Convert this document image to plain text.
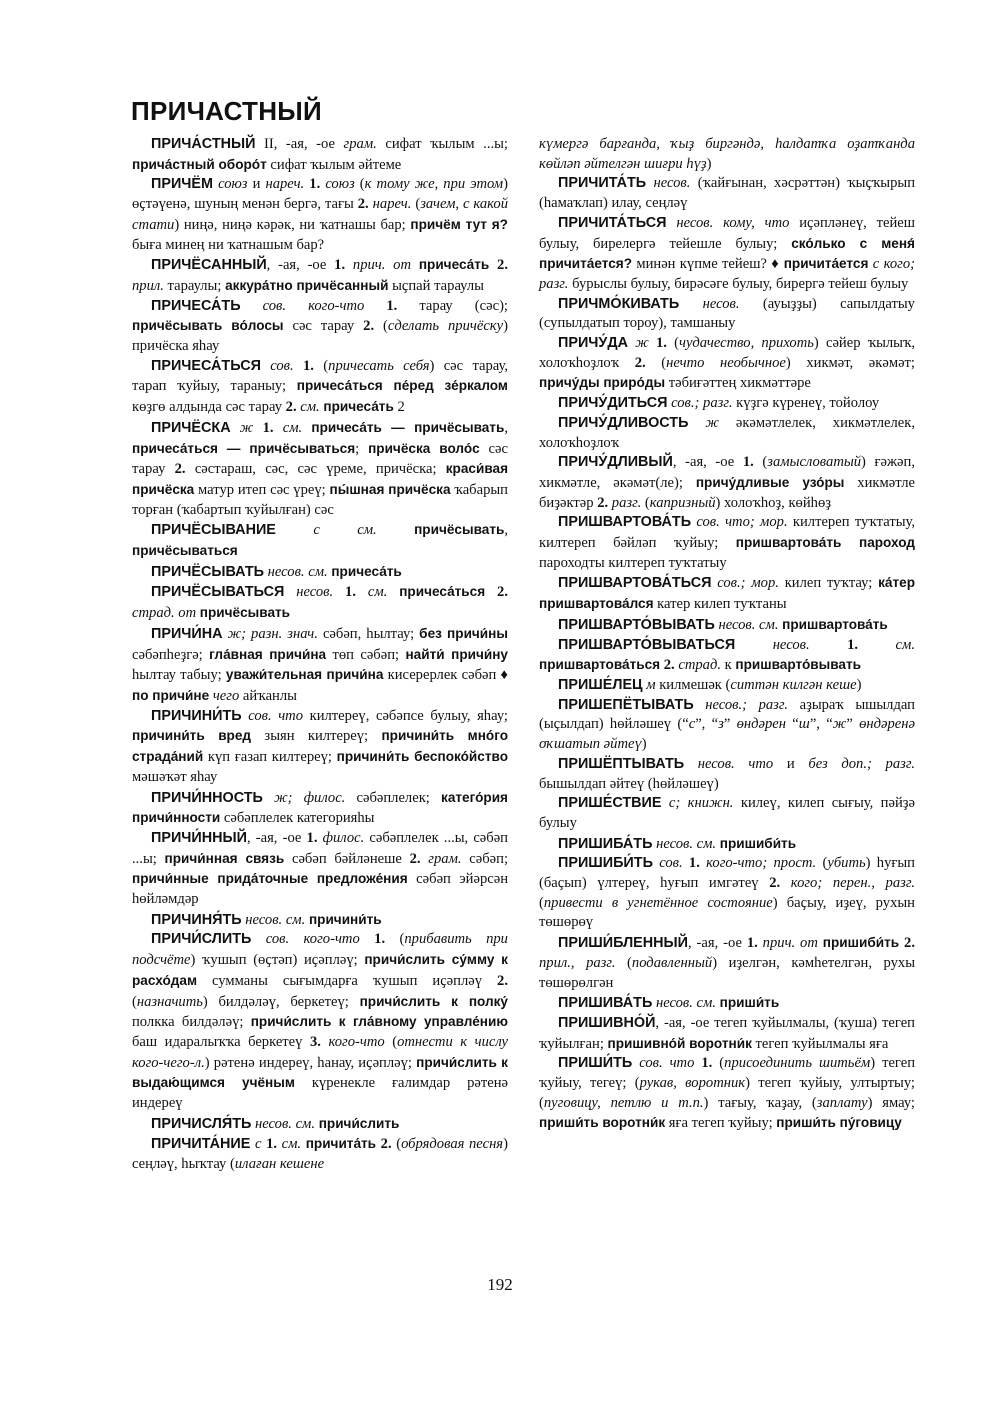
ПРИЧАСТНЫЙ

ПРИЧА́СТНЫЙ II, -ая, -ое грам. сифат ҡылым ...ы; прича́стный оборо́т сифат ҡылым әйтеме

ПРИЧЁМ союз и нареч. 1. союз (к тому же, при этом) өҫтәүенә, шуның менән бергә, тағы 2. нареч. (зачем, с какой стати) ниңә, ниңә кәрәк, ни ҡатнашы бар; причём тут я? быға минең ни ҡатнашым бар?

ПРИЧЁСАННЫЙ, -ая, -ое 1. прич. от причеса́ть 2. прил. тараулы; аккура́тно причёсанный ыҫпай тараулы

ПРИЧЕСА́ТЬ сов. кого-что 1. тарау (сәс); причёсывать во́лосы сәс тарау 2. (сделать причёску) причёска яһау

ПРИЧЕСА́ТЬСЯ сов. 1. (причесать себя) сәс тарау, тарап ҡуйыу, тараныу; причеса́ться пе́ред зе́ркалом көҙгө алдында сәс тарау 2. см. причеса́ть 2

ПРИЧЁСКА ж 1. см. причеса́ть — причёсывать, причеса́ться — причёсываться; причёска воло́с сәс тарау 2. сәстараш, сәс, сәс үреме, причёска; краси́вая причёска матур итеп сәс үреү; пы́шная причёска ҡабарып торған (ҡабартып ҡуйылған) сәс

ПРИЧЁСЫВАНИЕ	с см.	причёсывать, причёсываться

ПРИЧЁСЫВАТЬ несов. см. причеса́ть

ПРИЧЁСЫВАТЬСЯ несов. 1. см. причеса́ться 2. страд. от причёсывать

ПРИЧИ́НА ж; разн. знач. сәбәп, һылтау; без причи́ны сәбәпһеҙгә; гла́вная причи́на төп сәбәп; найти́ причи́ну һылтау табыу; уважи́тельная причи́на кисерерлек сәбәп ♦ по причи́не чего айҡанлы

ПРИЧИНИ́ТЬ сов. что килтереү, сәбәпсе булыу, яһау; причини́ть вред зыян килтереү; причини́ть мно́го страда́ний күп ғазап килтереү; причини́ть беспоко́йство мәшәҡәт яһау

ПРИЧИ́ННОСТЬ ж; филос. сәбәплелек; катего́рия причи́нности сәбәплелек категорияһы

ПРИЧИ́ННЫЙ, -ая, -ое 1. филос. сәбәплелек ...ы, сәбәп ...ы; причи́нная связь сәбәп бәйләнеше 2. грам. сәбәп; причи́нные прида́точные предложе́ния сәбәп эйәрсән һөйләмдәр

ПРИЧИНЯ́ТЬ несов. см. причини́ть

ПРИЧИ́СЛИТЬ сов. кого-что 1. (прибавить при подсчёте) ҡушып (өҫтәп) иҫәпләү; причи́слить су́мму к расхо́дам сумманы сығымдарға ҡушып иҫәпләү 2. (назначить) билдәләү, беркетеү; причи́слить к полку́ полкка билдәләү; причи́слить к гла́вному управле́нию баш идаралыҡҡа беркетеү 3. кого-что (отнести к числу кого-чего-л.) рәтенә индереү, һанау, иҫәпләү; причи́слить к выдаю́щимся учёным күренекле ғалимдар рәтенә индереү

ПРИЧИСЛЯ́ТЬ несов. см. причи́слить

ПРИЧИТА́НИЕ с 1. см. причита́ть 2. (обрядовая песня) сеңләү, һыҡтау (илаған кешене

күмергә барғанда, ҡыҙ биргәндә, һалдатҡа оҙатҡанда көйләп әйтелгән шиғри һүҙ)

ПРИЧИТА́ТЬ несов. (ҡайғынан, хәсрәттән) ҡыҫҡырып (һамаҡлап) илау, сеңләү

ПРИЧИТА́ТЬСЯ несов. кому, что иҫәпләнеү, тейеш булыу, бирелергә тейешле булыу; ско́лько с меня́ причита́ется? минән күпме тейеш? ♦ причита́ется с кого; разг. бурыслы булыу, бирәсәге булыу, бирергә тейеш булыу

ПРИЧМО́КИВАТЬ несов. (ауыҙҙы) сапылдатыу (супылдатып тороу), тамшаныу

ПРИЧУ́ДА ж 1. (чудачество, прихоть) сәйер ҡылыҡ, холоҡһоҙлоҡ 2. (нечто необычное) хикмәт, әкәмәт; причу́ды приро́ды тәбиғәттең хикмәттәре

ПРИЧУ́ДИТЬСЯ сов.; разг. күҙгә күренеү, тойолоу

ПРИЧУ́ДЛИВОСТЬ ж әкәмәтлелек, хикмәтлелек, холоҡһоҙлоҡ

ПРИЧУ́ДЛИВЫЙ, -ая, -ое 1. (замысловатый) ғәжәп, хикмәтле, әкәмәт(ле); причу́дливые узо́ры хикмәтле биҙәктәр 2. разг. (капризный) холоҡһоҙ, көйһөҙ

ПРИШВАРТОВА́ТЬ сов. что; мор. килтереп туҡтатыу, килтереп бәйләп ҡуйыу; пришвартова́ть пароход пароходты килтереп туҡтатыу

ПРИШВАРТОВА́ТЬСЯ сов.; мор. килеп туҡтау; ка́тер пришвартова́лся катер килеп туҡтаны

ПРИШВАРТО́ВЫВАТЬ несов. см. пришвартова́ть

ПРИШВАРТО́ВЫВАТЬСЯ	несов.	1.	см. пришвартова́ться 2. страд. к пришварто́вывать

ПРИШЕ́ЛЕЦ м килмешәк (ситтән килгән кеше)

ПРИШЕПЁТЫВАТЬ несов.; разг. аҙыраҡ ышылдап (ыҫылдап) һөйләшеү (“с”, “з” өндәрен “ш”, “ж” өндәренә оҡшатып әйтеү)

ПРИШЁПТЫВАТЬ несов. что и без доп.; разг. бышылдап әйтеү (һөйләшеү)

ПРИШЕ́СТВИЕ с; книжн. килеү, килеп сығыу, пәйҙә булыу

ПРИШИБА́ТЬ несов. см. пришиби́ть

ПРИШИБИ́ТЬ сов. 1. кого-что; прост. (убить) һуғып (баҫып) үлтереү, һуғып имгәтеү 2. кого; перен., разг. (привести в угнетённое состояние) баҫыу, иҙеү, рухын төшөрөү

ПРИШИ́БЛЕННЫЙ, -ая, -ое 1. прич. от пришиби́ть 2. прил., разг. (подавленный) иҙелгән, кәмһетелгән, рухы төшөрөлгән

ПРИШИВА́ТЬ несов. см. приши́ть

ПРИШИВНО́Й, -ая, -ое тегеп ҡуйылмалы, (ҡуша) тегеп ҡуйылған; пришивно́й воротни́к тегеп ҡуйылмалы яға

ПРИШИ́ТЬ сов. что 1. (присоединить шитьём) тегеп ҡуйыу, тегеү; (рукав, воротник) тегеп ҡуйыу, ултыртыу; (пуговицу, петлю и т.п.) тағыу, ҡаҙау, (заплату) ямау; приши́ть воротни́к яға тегеп ҡуйыу; приши́ть пу́говицу

192
